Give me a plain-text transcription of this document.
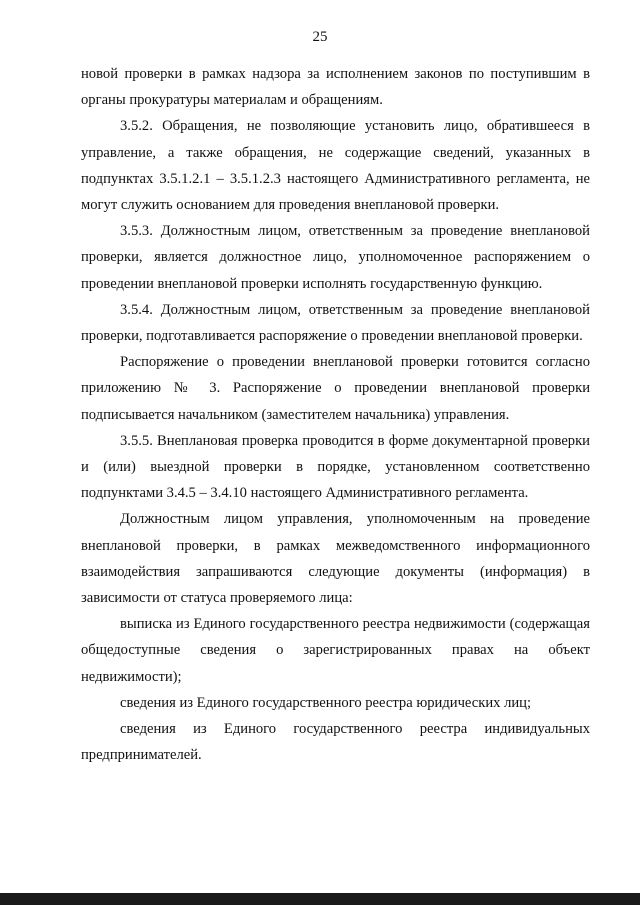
25

новой проверки в рамках надзора за исполнением законов по поступившим в органы прокуратуры материалам и обращениям.

3.5.2. Обращения, не позволяющие установить лицо, обратившееся в управление, а также обращения, не содержащие сведений, указанных в подпунктах 3.5.1.2.1 – 3.5.1.2.3 настоящего Административного регламента, не могут служить основанием для проведения внеплановой проверки.

3.5.3. Должностным лицом, ответственным за проведение внеплановой проверки, является должностное лицо, уполномоченное распоряжением о проведении внеплановой проверки исполнять государственную функцию.

3.5.4. Должностным лицом, ответственным за проведение внеплановой проверки, подготавливается распоряжение о проведении внеплановой проверки.

Распоряжение о проведении внеплановой проверки готовится согласно приложению № 3. Распоряжение о проведении внеплановой проверки подписывается начальником (заместителем начальника) управления.

3.5.5. Внеплановая проверка проводится в форме документарной проверки и (или) выездной проверки в порядке, установленном соответственно подпунктами 3.4.5 – 3.4.10 настоящего Административного регламента.

Должностным лицом управления, уполномоченным на проведение внеплановой проверки, в рамках межведомственного информационного взаимодействия запрашиваются следующие документы (информация) в зависимости от статуса проверяемого лица:

выписка из Единого государственного реестра недвижимости (содержащая общедоступные сведения о зарегистрированных правах на объект недвижимости);

сведения из Единого государственного реестра юридических лиц;

сведения из Единого государственного реестра индивидуальных предпринимателей.
